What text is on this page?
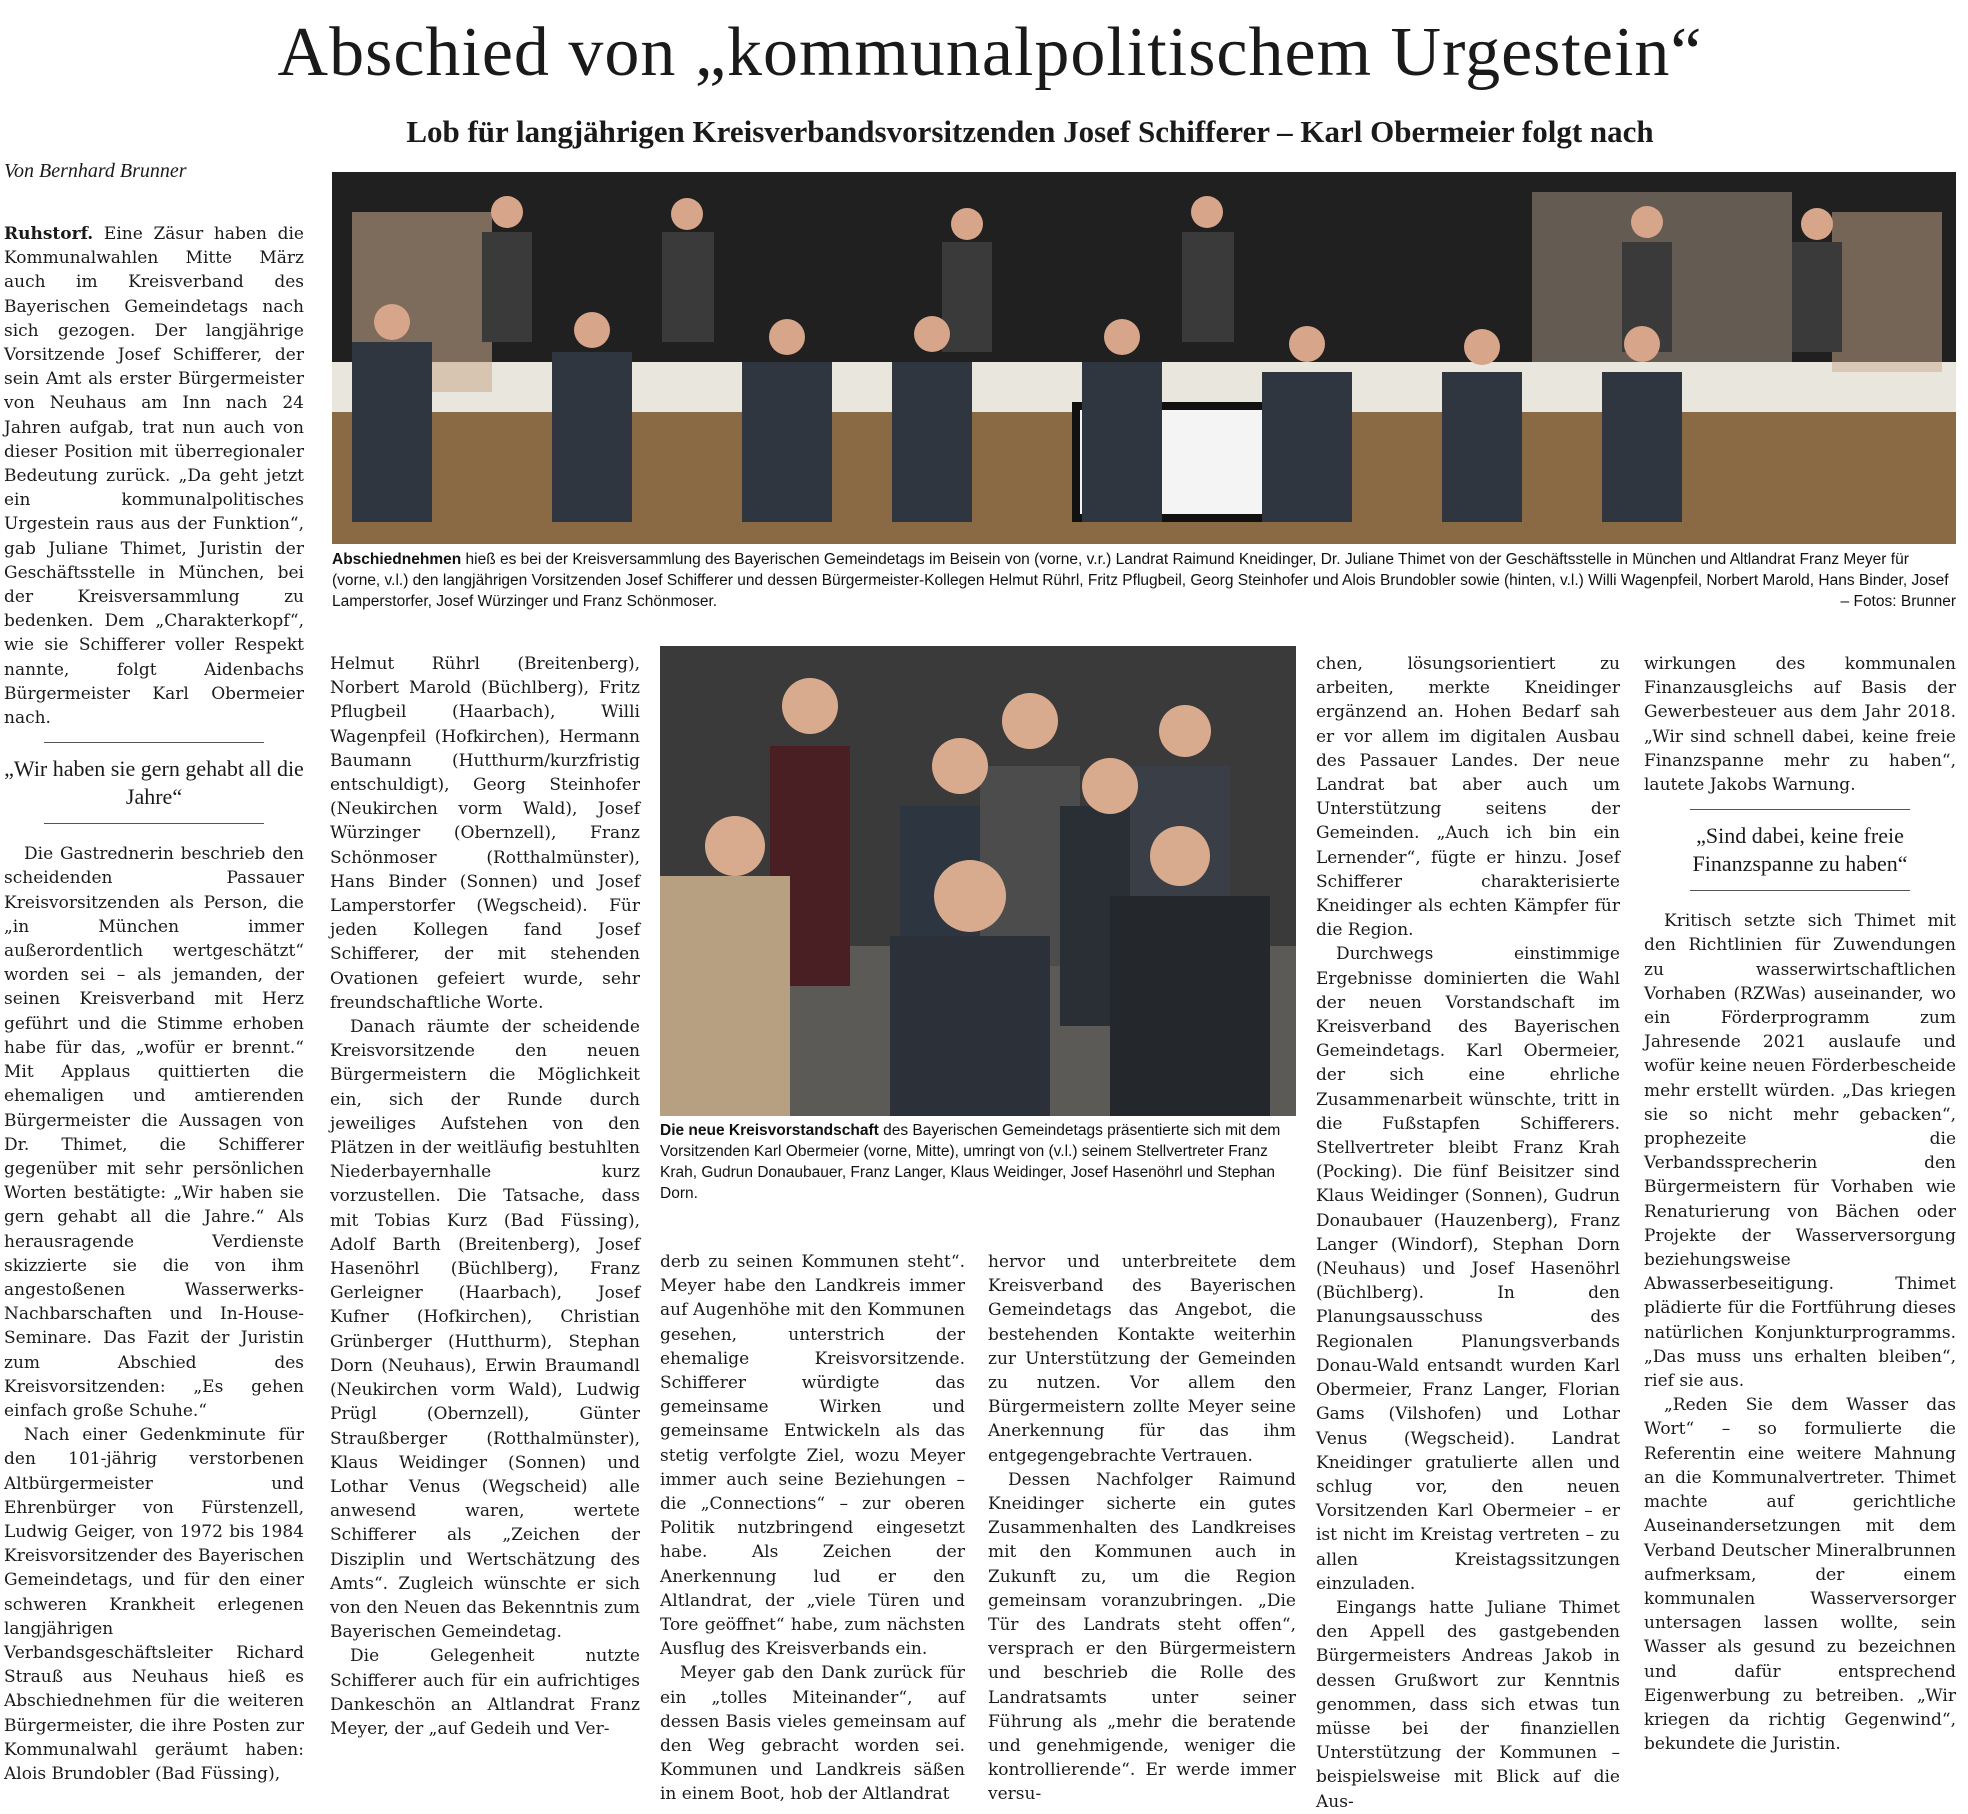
Abschied von „kommunalpolitischem Urgestein“
Lob für langjährigen Kreisverbandsvorsitzenden Josef Schifferer – Karl Obermeier folgt nach
Von Bernhard Brunner
Abschiednehmen hieß es bei der Kreisversammlung des Bayerischen Gemeindetags im Beisein von (vorne, v.r.) Landrat Raimund Kneidinger, Dr. Juliane Thimet von der Geschäftsstelle in München und Altlandrat Franz Meyer für (vorne, v.l.) den langjährigen Vorsitzenden Josef Schifferer und dessen Bürgermeister-Kollegen Helmut Rührl, Fritz Pflugbeil, Georg Steinhofer und Alois Brundobler sowie (hinten, v.l.) Willi Wagenpfeil, Norbert Marold, Hans Binder, Josef Lamperstorfer, Josef Würzinger und Franz Schönmoser.	– Fotos: Brunner
Die neue Kreisvorstandschaft des Bayerischen Gemeindetags präsentierte sich mit dem Vorsitzenden Karl Obermeier (vorne, Mitte), umringt von (v.l.) seinem Stellvertreter Franz Krah, Gudrun Donaubauer, Franz Langer, Klaus Weidinger, Josef Hasenöhrl und Stephan Dorn.

Ruhstorf. Eine Zäsur haben die Kommunalwahlen Mitte März auch im Kreisverband des Bayerischen Gemeindetags nach sich gezogen. Der langjährige Vorsitzende Josef Schifferer, der sein Amt als erster Bürgermeister von Neuhaus am Inn nach 24 Jahren aufgab, trat nun auch von dieser Position mit überregionaler Bedeutung zurück. „Da geht jetzt ein kommunalpolitisches Urgestein raus aus der Funktion“, gab Juliane Thimet, Juristin der Geschäftsstelle in München, bei der Kreisversammlung zu bedenken. Dem „Charakterkopf“, wie sie Schifferer voller Respekt nannte, folgt Aidenbachs Bürgermeister Karl Obermeier nach.

„Wir haben sie gern gehabt all die Jahre“

Die Gastrednerin beschrieb den scheidenden Passauer Kreisvorsitzenden als Person, die „in München immer außerordentlich wertgeschätzt“ worden sei – als jemanden, der seinen Kreisverband mit Herz geführt und die Stimme erhoben habe für das, „wofür er brennt.“ Mit Applaus quittierten die ehemaligen und amtierenden Bürgermeister die Aussagen von Dr. Thimet, die Schifferer gegenüber mit sehr persönlichen Worten bestätigte: „Wir haben sie gern gehabt all die Jahre.“ Als herausragende Verdienste skizzierte sie die von ihm angestoßenen Wasserwerks-Nachbarschaften und In-House-Seminare. Das Fazit der Juristin zum Abschied des Kreisvorsitzenden: „Es gehen einfach große Schuhe.“

Nach einer Gedenkminute für den 101-jährig verstorbenen Altbürgermeister und Ehrenbürger von Fürstenzell, Ludwig Geiger, von 1972 bis 1984 Kreisvorsitzender des Bayerischen Gemeindetags, und für den einer schweren Krankheit erlegenen langjährigen Verbandsgeschäftsleiter Richard Strauß aus Neuhaus hieß es Abschiednehmen für die weiteren Bürgermeister, die ihre Posten zur Kommunalwahl geräumt haben: Alois Brundobler (Bad Füssing),

Helmut Rührl (Breitenberg), Norbert Marold (Büchlberg), Fritz Pflugbeil (Haarbach), Willi Wagenpfeil (Hofkirchen), Hermann Baumann (Hutthurm/kurzfristig entschuldigt), Georg Steinhofer (Neukirchen vorm Wald), Josef Würzinger (Obernzell), Franz Schönmoser (Rotthalmünster), Hans Binder (Sonnen) und Josef Lamperstorfer (Wegscheid). Für jeden Kollegen fand Josef Schifferer, der mit stehenden Ovationen gefeiert wurde, sehr freundschaftliche Worte.

Danach räumte der scheidende Kreisvorsitzende den neuen Bürgermeistern die Möglichkeit ein, sich der Runde durch jeweiliges Aufstehen von den Plätzen in der weitläufig bestuhlten Niederbayernhalle kurz vorzustellen. Die Tatsache, dass mit Tobias Kurz (Bad Füssing), Adolf Barth (Breitenberg), Josef Hasenöhrl (Büchlberg), Franz Gerleigner (Haarbach), Josef Kufner (Hofkirchen), Christian Grünberger (Hutthurm), Stephan Dorn (Neuhaus), Erwin Braumandl (Neukirchen vorm Wald), Ludwig Prügl (Obernzell), Günter Straußberger (Rotthalmünster), Klaus Weidinger (Sonnen) und Lothar Venus (Wegscheid) alle anwesend waren, wertete Schifferer als „Zeichen der Disziplin und Wertschätzung des Amts“. Zugleich wünschte er sich von den Neuen das Bekenntnis zum Bayerischen Gemeindetag.

Die Gelegenheit nutzte Schifferer auch für ein aufrichtiges Dankeschön an Altlandrat Franz Meyer, der „auf Gedeih und Ver-

derb zu seinen Kommunen steht“. Meyer habe den Landkreis immer auf Augenhöhe mit den Kommunen gesehen, unterstrich der ehemalige Kreisvorsitzende. Schifferer würdigte das gemeinsame Wirken und gemeinsame Entwickeln als das stetig verfolgte Ziel, wozu Meyer immer auch seine Beziehungen – die „Connections“ – zur oberen Politik nutzbringend eingesetzt habe. Als Zeichen der Anerkennung lud er den Altlandrat, der „viele Türen und Tore geöffnet“ habe, zum nächsten Ausflug des Kreisverbands ein.

Meyer gab den Dank zurück für ein „tolles Miteinander“, auf dessen Basis vieles gemeinsam auf den Weg gebracht worden sei. Kommunen und Landkreis säßen in einem Boot, hob der Altlandrat

hervor und unterbreitete dem Kreisverband des Bayerischen Gemeindetags das Angebot, die bestehenden Kontakte weiterhin zur Unterstützung der Gemeinden zu nutzen. Vor allem den Bürgermeistern zollte Meyer seine Anerkennung für das ihm entgegengebrachte Vertrauen.

Dessen Nachfolger Raimund Kneidinger sicherte ein gutes Zusammenhalten des Landkreises mit den Kommunen auch in Zukunft zu, um die Region gemeinsam voranzubringen. „Die Tür des Landrats steht offen“, versprach er den Bürgermeistern und beschrieb die Rolle des Landratsamts unter seiner Führung als „mehr die beratende und genehmigende, weniger die kontrollierende“. Er werde immer versu-

chen, lösungsorientiert zu arbeiten, merkte Kneidinger ergänzend an. Hohen Bedarf sah er vor allem im digitalen Ausbau des Passauer Landes. Der neue Landrat bat aber auch um Unterstützung seitens der Gemeinden. „Auch ich bin ein Lernender“, fügte er hinzu. Josef Schifferer charakterisierte Kneidinger als echten Kämpfer für die Region.

Durchwegs einstimmige Ergebnisse dominierten die Wahl der neuen Vorstandschaft im Kreisverband des Bayerischen Gemeindetags. Karl Obermeier, der sich eine ehrliche Zusammenarbeit wünschte, tritt in die Fußstapfen Schifferers. Stellvertreter bleibt Franz Krah (Pocking). Die fünf Beisitzer sind Klaus Weidinger (Sonnen), Gudrun Donaubauer (Hauzenberg), Franz Langer (Windorf), Stephan Dorn (Neuhaus) und Josef Hasenöhrl (Büchlberg). In den Planungsausschuss des Regionalen Planungsverbands Donau-Wald entsandt wurden Karl Obermeier, Franz Langer, Florian Gams (Vilshofen) und Lothar Venus (Wegscheid). Landrat Kneidinger gratulierte allen und schlug vor, den neuen Vorsitzenden Karl Obermeier – er ist nicht im Kreistag vertreten – zu allen Kreistagssitzungen einzuladen.

Eingangs hatte Juliane Thimet den Appell des gastgebenden Bürgermeisters Andreas Jakob in dessen Grußwort zur Kenntnis genommen, dass sich etwas tun müsse bei der finanziellen Unterstützung der Kommunen – beispielsweise mit Blick auf die Aus-

wirkungen des kommunalen Finanzausgleichs auf Basis der Gewerbesteuer aus dem Jahr 2018. „Wir sind schnell dabei, keine freie Finanzspanne mehr zu haben“, lautete Jakobs Warnung.

„Sind dabei, keine freie Finanzspanne zu haben“

Kritisch setzte sich Thimet mit den Richtlinien für Zuwendungen zu wasserwirtschaftlichen Vorhaben (RZWas) auseinander, wo ein Förderprogramm zum Jahresende 2021 auslaufe und wofür keine neuen Förderbescheide mehr erstellt würden. „Das kriegen sie so nicht mehr gebacken“, prophezeite die Verbandssprecherin den Bürgermeistern für Vorhaben wie Renaturierung von Bächen oder Projekte der Wasserversorgung beziehungsweise Abwasserbeseitigung. Thimet plädierte für die Fortführung dieses natürlichen Konjunkturprogramms. „Das muss uns erhalten bleiben“, rief sie aus.

„Reden Sie dem Wasser das Wort“ – so formulierte die Referentin eine weitere Mahnung an die Kommunalvertreter. Thimet machte auf gerichtliche Auseinandersetzungen mit dem Verband Deutscher Mineralbrunnen aufmerksam, der einem kommunalen Wasserversorger untersagen lassen wollte, sein Wasser als gesund zu bezeichnen und dafür entsprechend Eigenwerbung zu betreiben. „Wir kriegen da richtig Gegenwind“, bekundete die Juristin.
